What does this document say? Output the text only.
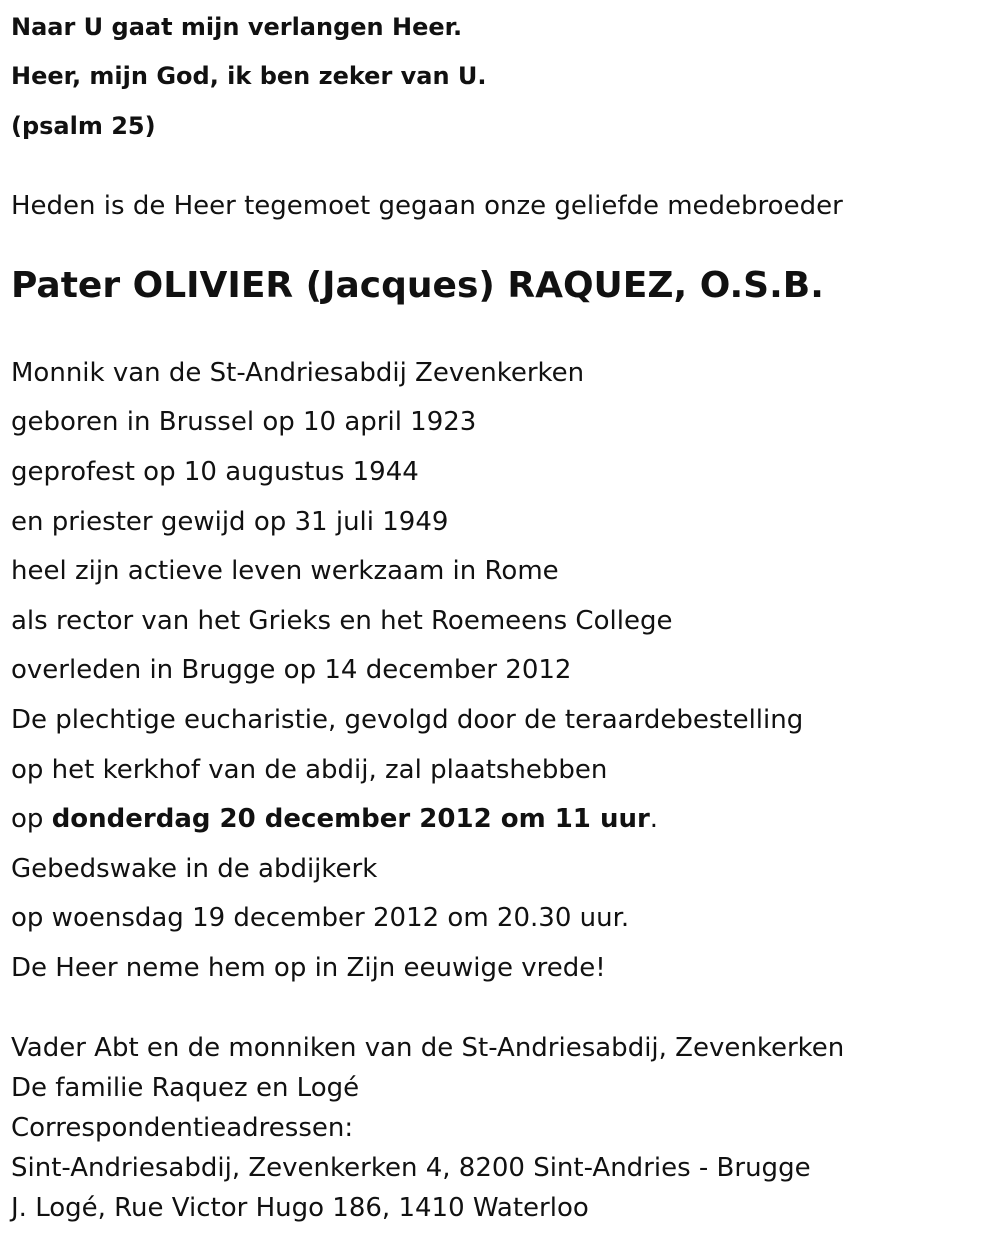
Naar U gaat mijn verlangen Heer.
Heer, mijn God, ik ben zeker van U.
(psalm 25)
Heden is de Heer tegemoet gegaan onze geliefde medebroeder
Pater OLIVIER (Jacques) RAQUEZ, O.S.B.
Monnik van de St-Andriesabdij Zevenkerken
geboren in Brussel op 10 april 1923
geprofest op 10 augustus 1944
en priester gewijd op 31 juli 1949
heel zijn actieve leven werkzaam in Rome
als rector van het Grieks en het Roemeens College
overleden in Brugge op 14 december 2012
De plechtige eucharistie, gevolgd door de teraardebestelling
op het kerkhof van de abdij, zal plaatshebben
op donderdag 20 december 2012 om 11 uur.
Gebedswake in de abdijkerk
op woensdag 19 december 2012 om 20.30 uur.
De Heer neme hem op in Zijn eeuwige vrede!
Vader Abt en de monniken van de St-Andriesabdij, Zevenkerken
De familie Raquez en Logé
Correspondentieadressen:
Sint-Andriesabdij, Zevenkerken 4, 8200 Sint-Andries - Brugge
J. Logé, Rue Victor Hugo 186, 1410 Waterloo
